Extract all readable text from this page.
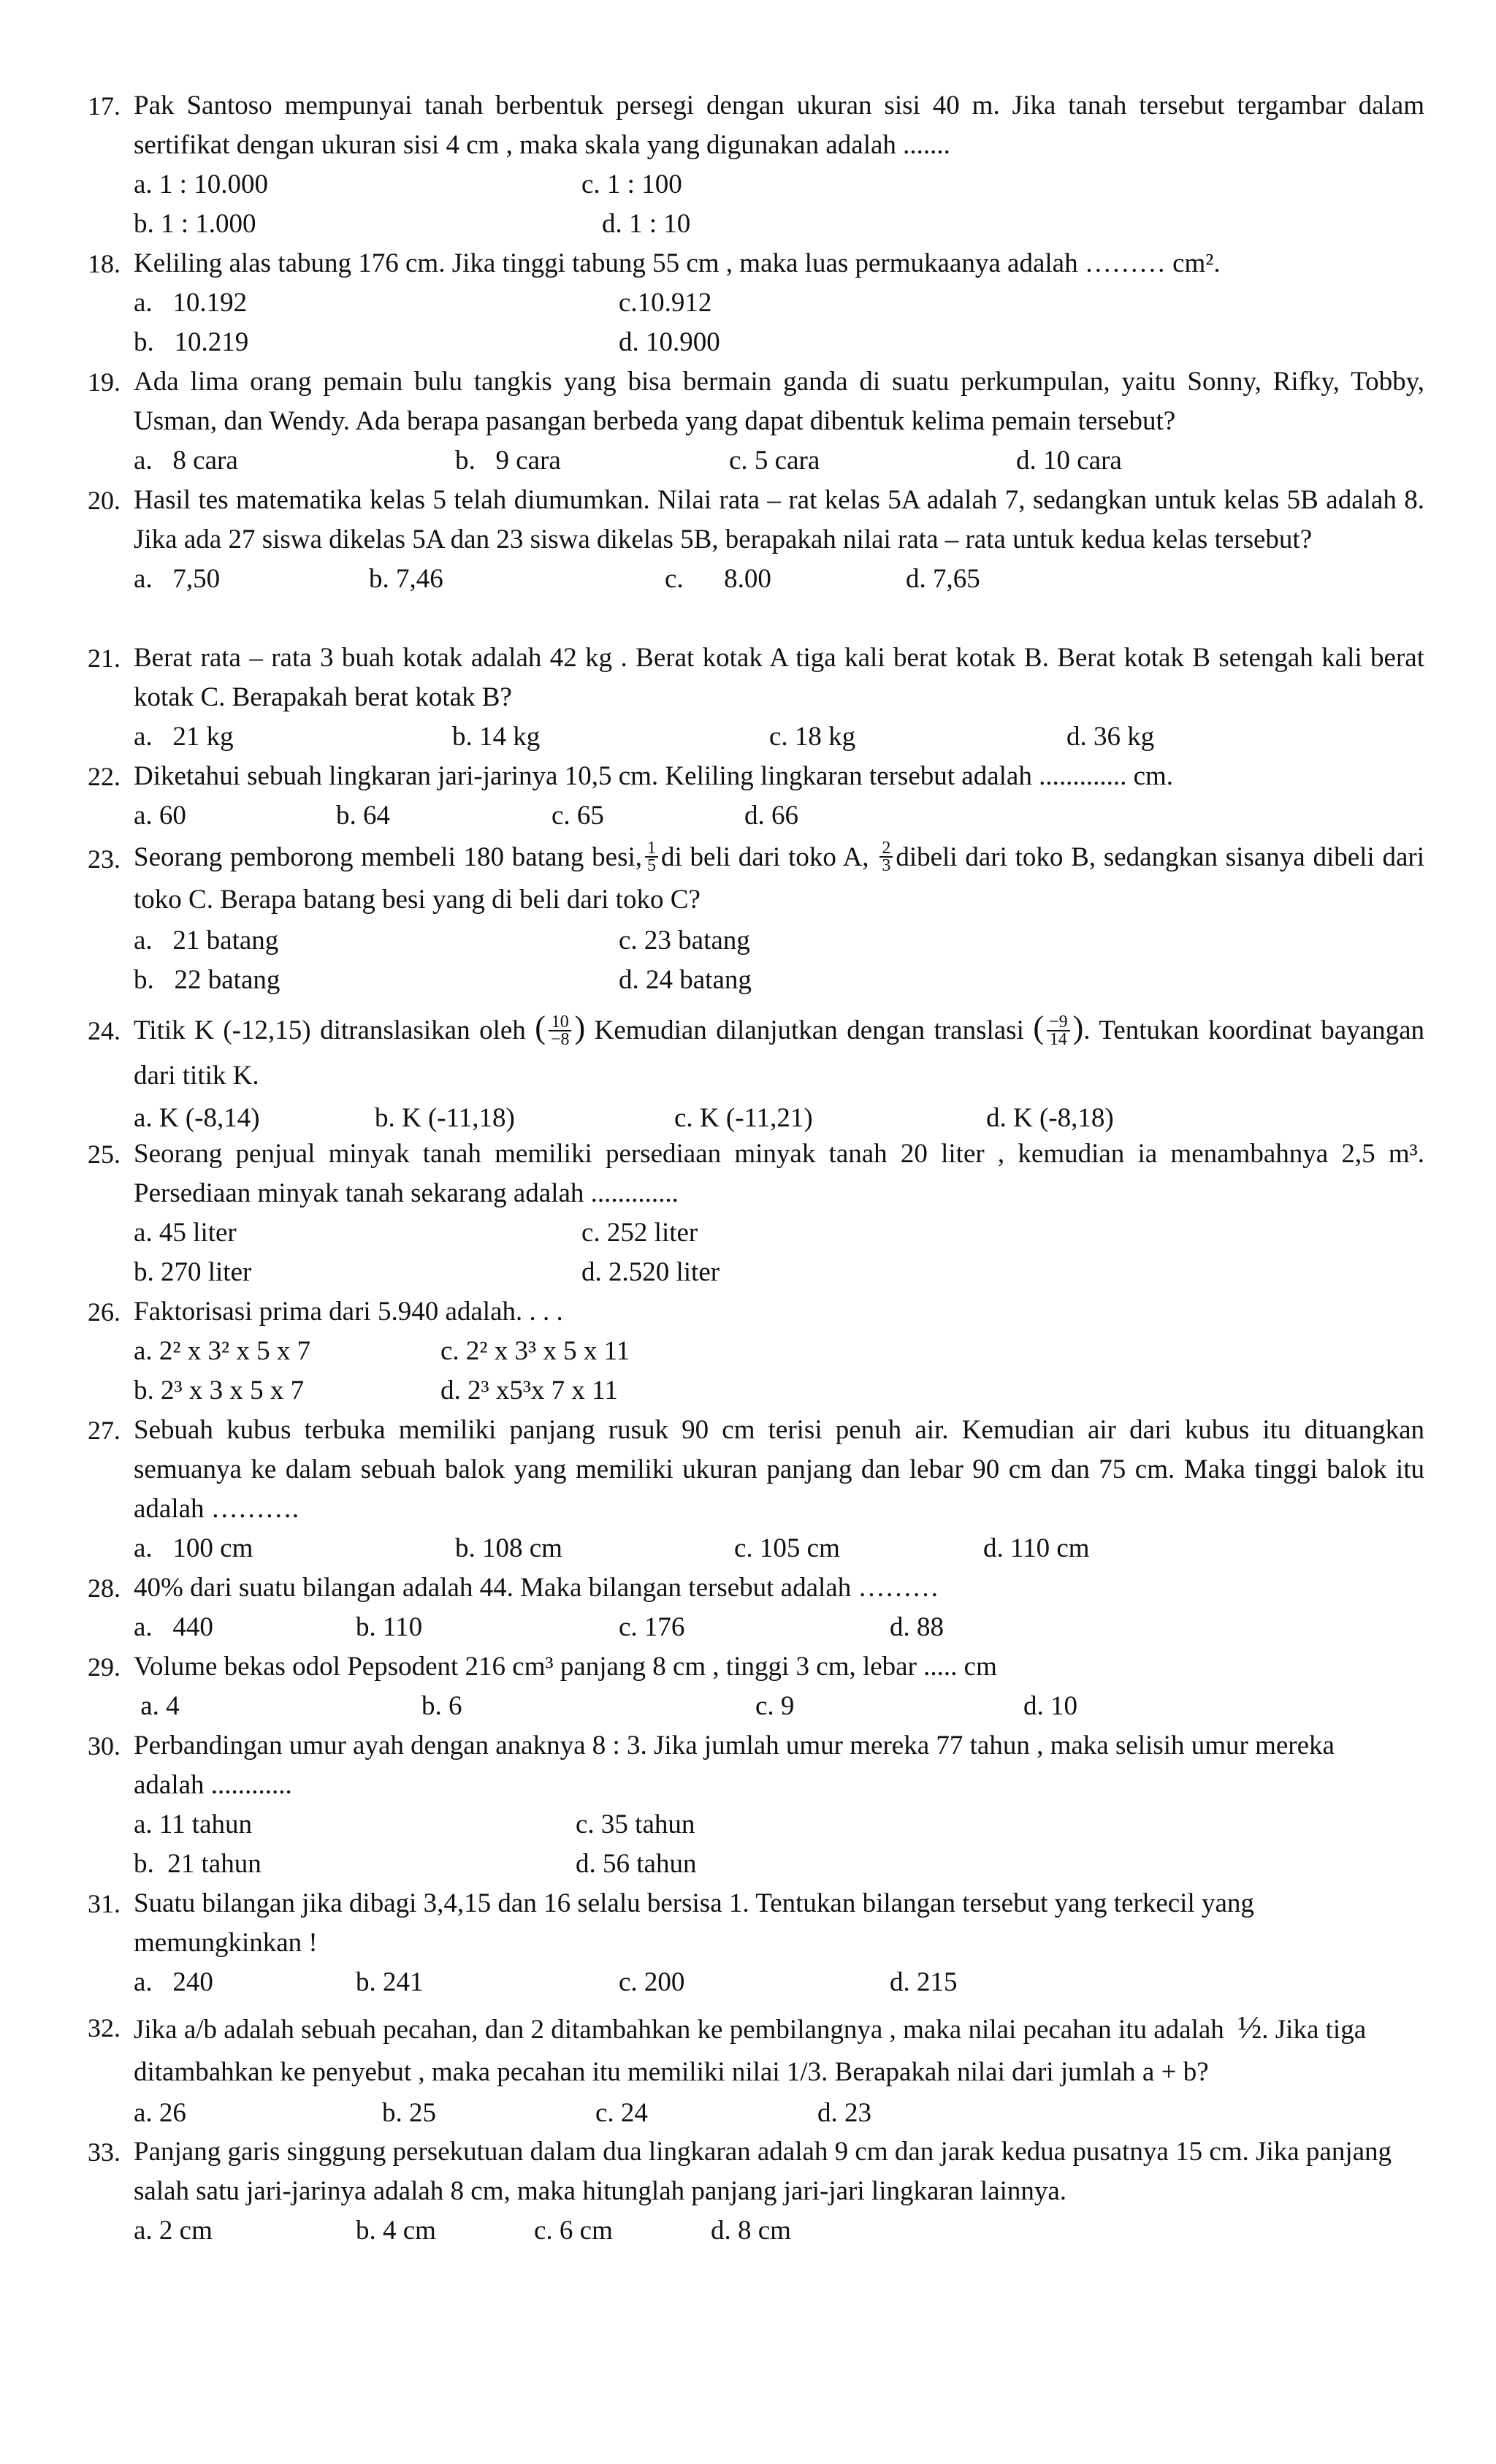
17. Pak Santoso mempunyai tanah berbentuk persegi dengan ukuran sisi 40 m. Jika tanah tersebut tergambar dalam sertifikat dengan ukuran sisi 4 cm , maka skala yang digunakan adalah .......
a. 1 : 10.000	c. 1 : 100
b. 1 : 1.000	d. 1 : 10
18. Keliling alas tabung 176 cm. Jika tinggi tabung 55 cm , maka luas permukaanya adalah ……… cm².
a.   10.192	c.10.912
b.   10.219	d. 10.900
19. Ada lima orang pemain bulu tangkis yang bisa bermain ganda di suatu perkumpulan, yaitu Sonny, Rifky, Tobby, Usman, dan Wendy. Ada berapa pasangan berbeda yang dapat dibentuk kelima pemain tersebut?
a.   8 cara	b.   9 cara	c. 5 cara	d. 10 cara
20. Hasil tes matematika kelas 5 telah diumumkan. Nilai rata – rat kelas 5A adalah 7, sedangkan untuk kelas 5B adalah 8. Jika ada 27 siswa dikelas 5A dan 23 siswa dikelas 5B, berapakah nilai rata – rata untuk kedua kelas tersebut?
a.   7,50	b. 7,46	c.      8.00	d. 7,65
21. Berat rata – rata 3 buah kotak adalah 42 kg . Berat kotak A tiga kali berat kotak B. Berat kotak B setengah kali berat kotak C. Berapakah berat kotak B?
a.   21 kg	b. 14 kg	c. 18 kg	d. 36 kg
22. Diketahui sebuah lingkaran jari-jarinya 10,5 cm. Keliling lingkaran tersebut adalah ............. cm.
a. 60	b. 64	c. 65	d. 66
23. Seorang pemborong membeli 180 batang besi, $\frac{1}{5}$ di beli dari toko A, $\frac{2}{3}$ dibeli dari toko B, sedangkan sisanya dibeli dari toko C. Berapa batang besi yang di beli dari toko C?
a.   21 batang	c. 23 batang
b.   22 batang	d. 24 batang
24. Titik K (-12,15) ditranslasikan oleh ( $\frac{10}{-8}$ ) Kemudian dilanjutkan dengan translasi ( $\frac{-9}{14}$ ). Tentukan koordinat bayangan dari titik K.
a. K (-8,14)	b. K (-11,18)	c. K (-11,21)	d. K (-8,18)
25. Seorang penjual minyak tanah memiliki persediaan minyak tanah 20 liter , kemudian ia menambahnya 2,5 m³. Persediaan minyak tanah sekarang adalah .............
a. 45 liter	c. 252 liter
b. 270 liter	d. 2.520 liter
26. Faktorisasi prima dari 5.940 adalah. . . .
a. 2² x 3² x 5 x 7	c. 2² x 3³ x 5 x 11
b. 2³ x 3 x 5 x 7	d. 2³ x5³x 7 x 11
27. Sebuah kubus terbuka memiliki panjang rusuk 90 cm terisi penuh air. Kemudian air dari kubus itu dituangkan semuanya ke dalam sebuah balok yang memiliki ukuran panjang dan lebar 90 cm dan 75 cm. Maka tinggi balok itu adalah ……….
a.   100 cm	b. 108 cm	c. 105 cm	d. 110 cm
28. 40% dari suatu bilangan adalah 44. Maka bilangan tersebut adalah ………
a.   440	b. 110	c. 176	d. 88
29. Volume bekas odol Pepsodent 216 cm³ panjang 8 cm , tinggi 3 cm, lebar ..... cm
a. 4	b. 6	c. 9	d. 10
30. Perbandingan umur ayah dengan anaknya 8 : 3. Jika jumlah umur mereka 77 tahun , maka selisih umur mereka adalah ............
a. 11 tahun	c. 35 tahun
b.  21 tahun	d. 56 tahun
31. Suatu bilangan jika dibagi 3,4,15 dan 16 selalu bersisa 1. Tentukan bilangan tersebut yang terkecil yang memungkinkan !
a.   240	b. 241	c. 200	d. 215
32. Jika a/b adalah sebuah pecahan, dan 2 ditambahkan ke pembilangnya , maka nilai pecahan itu adalah ½. Jika tiga ditambahkan ke penyebut , maka pecahan itu memiliki nilai 1/3. Berapakah nilai dari jumlah a + b?
a. 26	b. 25	c. 24	d. 23
33. Panjang garis singgung persekutuan dalam dua lingkaran adalah 9 cm dan jarak kedua pusatnya 15 cm. Jika panjang salah satu jari-jarinya adalah 8 cm, maka hitunglah panjang jari-jari lingkaran lainnya.
a. 2 cm	b. 4 cm	c. 6 cm	d. 8 cm
